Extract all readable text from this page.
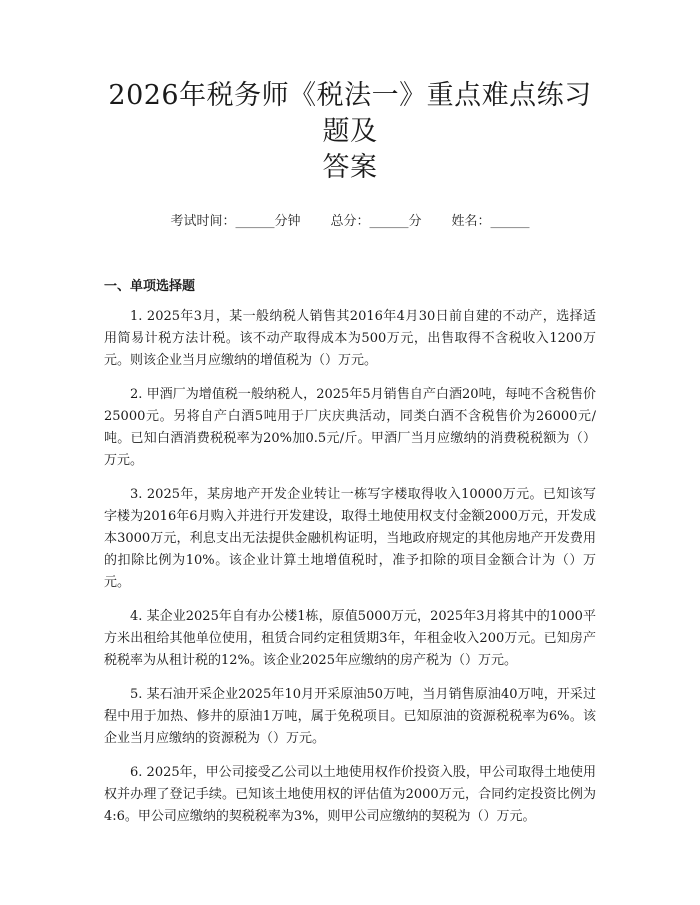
2026年税务师《税法一》重点难点练习题及
答案
考试时间：______分钟 总分：______分 姓名：______
一、单项选择题

1. 2025年3月，某一般纳税人销售其2016年4月30日前自建的不动产，选择适用简易计税方法计税。该不动产取得成本为500万元，出售取得不含税收入1200万元。则该企业当月应缴纳的增值税为（）万元。

2. 甲酒厂为增值税一般纳税人，2025年5月销售自产白酒20吨，每吨不含税售价25000元。另将自产白酒5吨用于厂庆庆典活动，同类白酒不含税售价为26000元/吨。已知白酒消费税税率为20%加0.5元/斤。甲酒厂当月应缴纳的消费税税额为（）万元。

3. 2025年，某房地产开发企业转让一栋写字楼取得收入10000万元。已知该写字楼为2016年6月购入并进行开发建设，取得土地使用权支付金额2000万元，开发成本3000万元，利息支出无法提供金融机构证明，当地政府规定的其他房地产开发费用的扣除比例为10%。该企业计算土地增值税时，准予扣除的项目金额合计为（）万元。

4. 某企业2025年自有办公楼1栋，原值5000万元，2025年3月将其中的1000平方米出租给其他单位使用，租赁合同约定租赁期3年，年租金收入200万元。已知房产税税率为从租计税的12%。该企业2025年应缴纳的房产税为（）万元。

5. 某石油开采企业2025年10月开采原油50万吨，当月销售原油40万吨，开采过程中用于加热、修井的原油1万吨，属于免税项目。已知原油的资源税税率为6%。该企业当月应缴纳的资源税为（）万元。

6. 2025年，甲公司接受乙公司以土地使用权作价投资入股，甲公司取得土地使用权并办理了登记手续。已知该土地使用权的评估值为2000万元，合同约定投资比例为4:6。甲公司应缴纳的契税税率为3%，则甲公司应缴纳的契税为（）万元。
